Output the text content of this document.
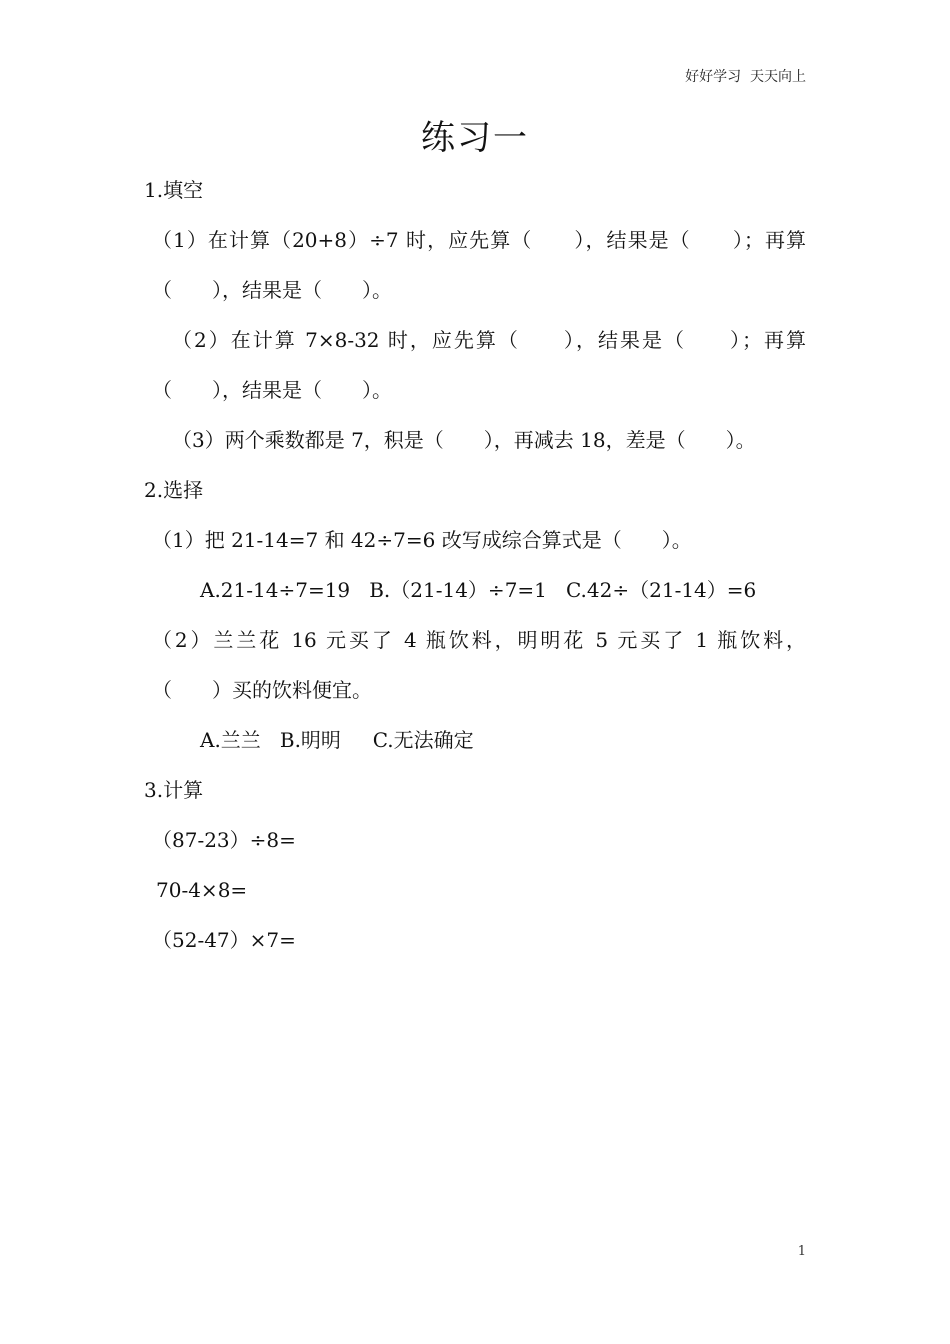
好好学习  天天向上
练习一
1.填空
（1）在计算（20+8）÷7 时，应先算（　　），结果是（　　）；再算
（　　），结果是（　　）。
（2）在计算 7×8-32 时，应先算（　　），结果是（　　）；再算
（　　），结果是（　　）。
（3）两个乘数都是 7，积是（　　），再减去 18，差是（　　）。
2.选择
（1）把 21-14=7 和 42÷7=6 改写成综合算式是（　　）。
A.21-14÷7=19   B.（21-14）÷7=1   C.42÷（21-14）=6
（2）兰兰花 16 元买了 4 瓶饮料，明明花 5 元买了 1 瓶饮料，
（　　）买的饮料便宜。
A.兰兰   B.明明     C.无法确定
3.计算
（87-23）÷8=
70-4×8=
（52-47）×7=
1
